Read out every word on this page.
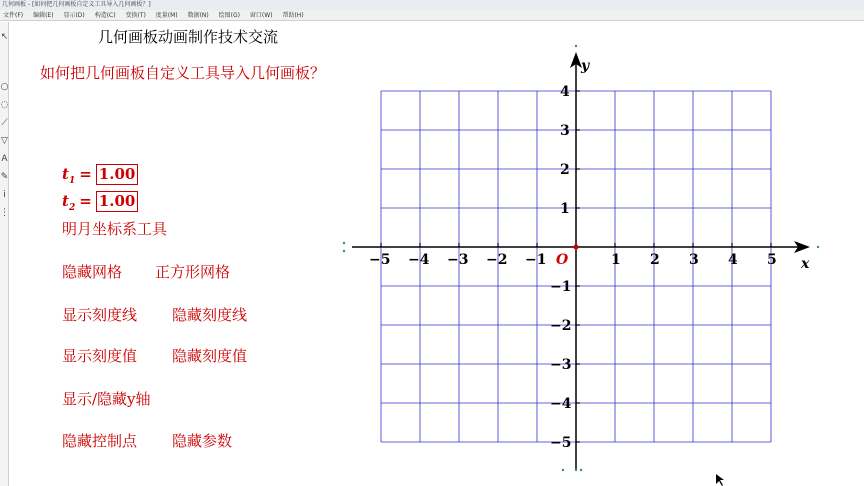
几何画板 - [如何把几何画板自定义工具导入几何画板？]
文件(F) 编辑(E) 显示(D) 构造(C) 变换(T) 度量(M) 数据(N) 绘图(G) 窗口(W) 帮助(H)
↖
○
◌
⟋
▽
A
✎
i
⋮
几何画板动画制作技术交流
如何把几何画板自定义工具导入几何画板？
$t_1 = 1.00$
$t_2 = 1.00$
明月坐标系工具
隐藏网格 正方形网格
显示刻度线 隐藏刻度线
显示刻度值 隐藏刻度值
显示/隐藏y轴
隐藏控制点 隐藏参数
x
y
O
−5 −4 −3 −2 −1	1 2 3 4 5
4
3
2
1
−1
−2
−3
−4
−5
